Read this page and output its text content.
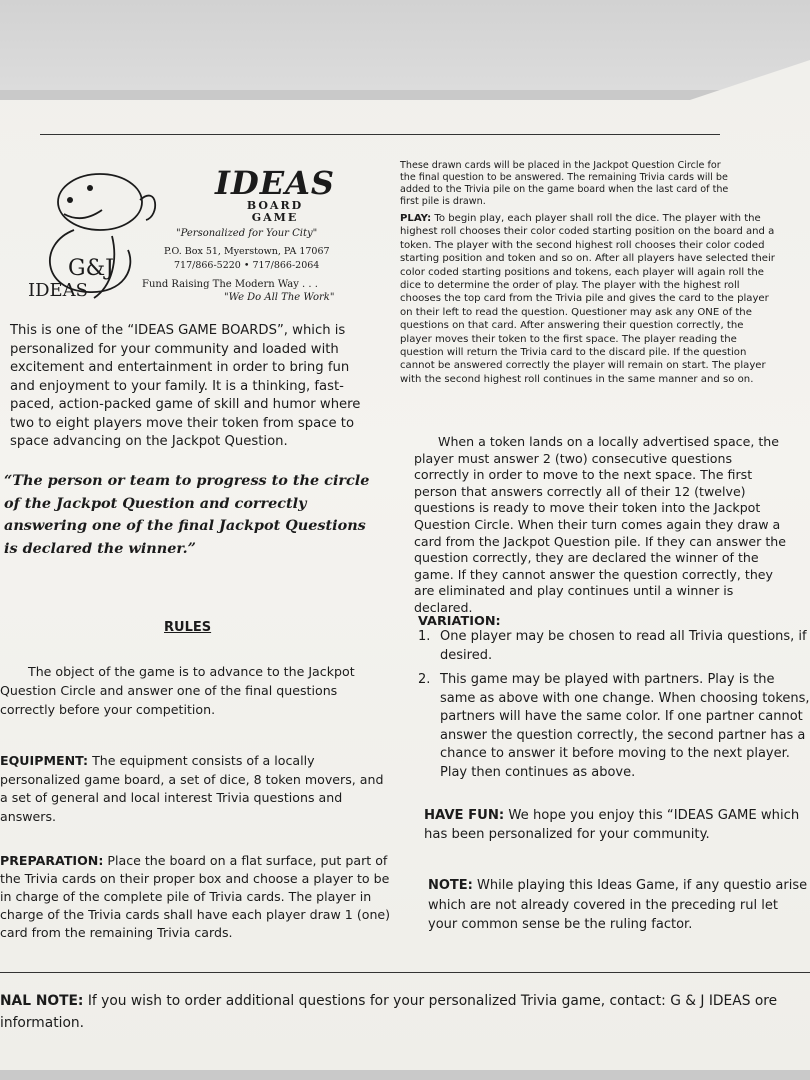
G&J
IDEAS
IDEAS
BOARD
GAME
"Personalized for Your City"
P.O. Box 51, Myerstown, PA 17067
717/866-5220 • 717/866-2064
Fund Raising The Modern Way . . .
"We Do All The Work"
This is one of the “IDEAS GAME BOARDS”, which is personalized for your community and loaded with excitement and entertainment in order to bring fun and enjoyment to your family. It is a thinking, fast-paced, action-packed game of skill and humor where two to eight players move their token from space to space advancing on the Jackpot Question.
“The person or team to progress to the circle of the Jackpot Question and correctly answering one of the final Jackpot Questions is declared the winner.”
RULES
The object of the game is to advance to the Jackpot Question Circle and answer one of the final questions correctly before your competition.
EQUIPMENT: The equipment consists of a locally personalized game board, a set of dice, 8 token movers, and a set of general and local interest Trivia questions and answers.
PREPARATION: Place the board on a flat surface, put part of the Trivia cards on their proper box and choose a player to be in charge of the complete pile of Trivia cards. The player in charge of the Trivia cards shall have each player draw 1 (one) card from the remaining Trivia cards.
These drawn cards will be placed in the Jackpot Question Circle for the final question to be answered. The remaining Trivia cards will be added to the Trivia pile on the game board when the last card of the first pile is drawn.
PLAY: To begin play, each player shall roll the dice. The player with the highest roll chooses their color coded starting position on the board and a token. The player with the second highest roll chooses their color coded starting position and token and so on. After all players have selected their color coded starting positions and tokens, each player will again roll the dice to determine the order of play. The player with the highest roll chooses the top card from the Trivia pile and gives the card to the player on their left to read the question. Questioner may ask any ONE of the questions on that card. After answering their question correctly, the player moves their token to the first space. The player reading the question will return the Trivia card to the discard pile. If the question cannot be answered correctly the player will remain on start. The player with the second highest roll continues in the same manner and so on.
When a token lands on a locally advertised space, the player must answer 2 (two) consecutive questions correctly in order to move to the next space. The first person that answers correctly all of their 12 (twelve) questions is ready to move their token into the Jackpot Question Circle. When their turn comes again they draw a card from the Jackpot Question pile. If they can answer the question correctly, they are declared the winner of the game. If they cannot answer the question correctly, they are eliminated and play continues until a winner is declared.
VARIATION:
1. One player may be chosen to read all Trivia questions, if desired.
2. This game may be played with partners. Play is the same as above with one change. When choosing tokens, partners will have the same color. If one partner cannot answer the question correctly, the second partner has a chance to answer it before moving to the next player. Play then continues as above.
HAVE FUN: We hope you enjoy this “IDEAS GAME which has been personalized for your community.
NOTE: While playing this Ideas Game, if any questio arise which are not already covered in the preceding rul let your common sense be the ruling factor.
NAL NOTE: If you wish to order additional questions for your personalized Trivia game, contact: G & J IDEAS ore information.
